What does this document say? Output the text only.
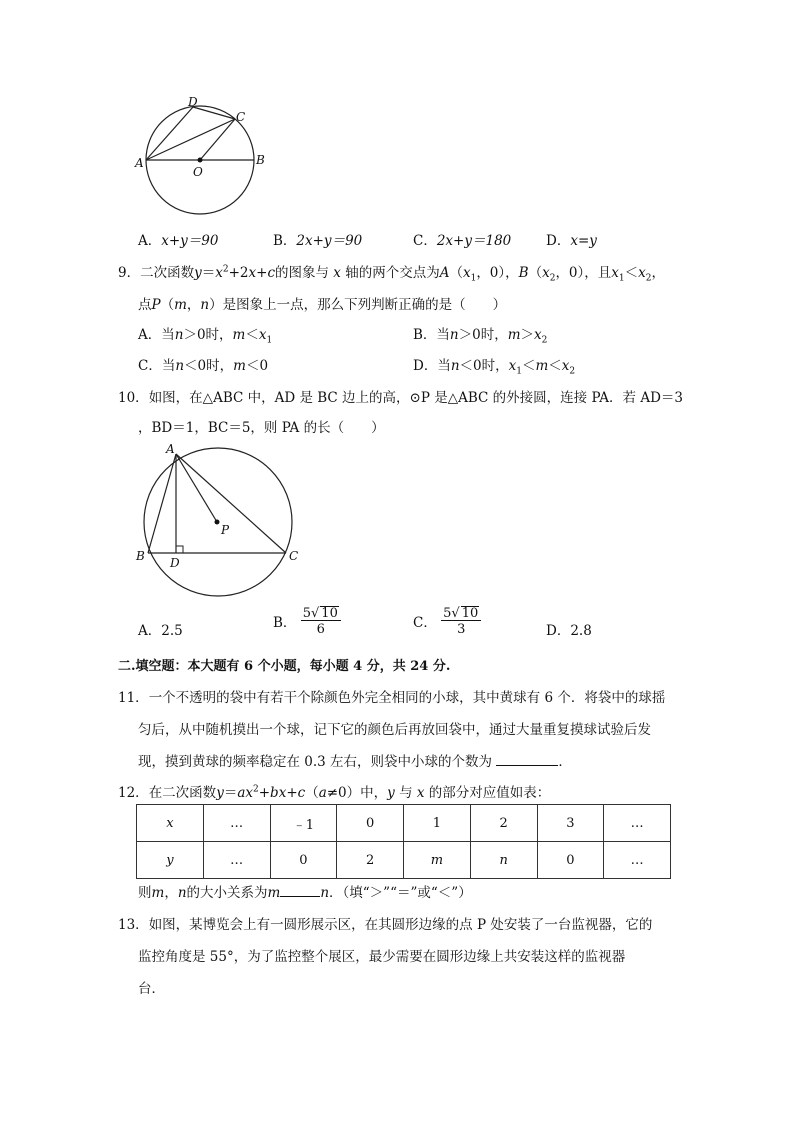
A	B
C
D
O
A．x+y＝90	B．2x+y＝90	C．2x+y＝180	D．x=y
9．二次函数$y=x^2+2x+c$的图象与 x 轴的两个交点为$A(x_1$，0），$B(x_2$，0），且$x_1<x_2$，
点P（m，n）是图象上一点，那么下列判断正确的是（　　）
A．当n＞0时，$m<x_1$	B．当n＞0时，$m>x_2$
C．当n＜0时，m＜0	D．当n＜0时，$x_1<m<x_2$
10．如图，在△ABC 中，AD 是 BC 边上的高，⊙P 是△ABC 的外接圆，连接 PA．若 AD＝3
，BD＝1，BC＝5，则 PA 的长（　　）
A
B	C
D
P
A．2.5	B． $\frac{5√ 10}{6}$	C． $\frac{5√ 10}{3}$	D．2.8
二.填空题：本大题有 6 个小题，每小题 4 分，共 24 分.
11．一个不透明的袋中有若干个除颜色外完全相同的小球，其中黄球有 6 个．将袋中的球摇
匀后，从中随机摸出一个球，记下它的颜色后再放回袋中，通过大量重复摸球试验后发
现，摸到黄球的频率稳定在 0.3 左右，则袋中小球的个数为	．
12．在二次函数$y=ax^2+bx+c(a\ne 0)$中，y 与 x 的部分对应值如表：
x	…	﹣1	0	1	2	3	…
y	…	0	2	m	n	0	…
则m，n的大小关系为m	n．（填“＞”“＝”或“＜”）
13．如图，某博览会上有一圆形展示区，在其圆形边缘的点 P 处安装了一台监视器，它的
监控角度是 55°，为了监控整个展区，最少需要在圆形边缘上共安装这样的监视器
台．
